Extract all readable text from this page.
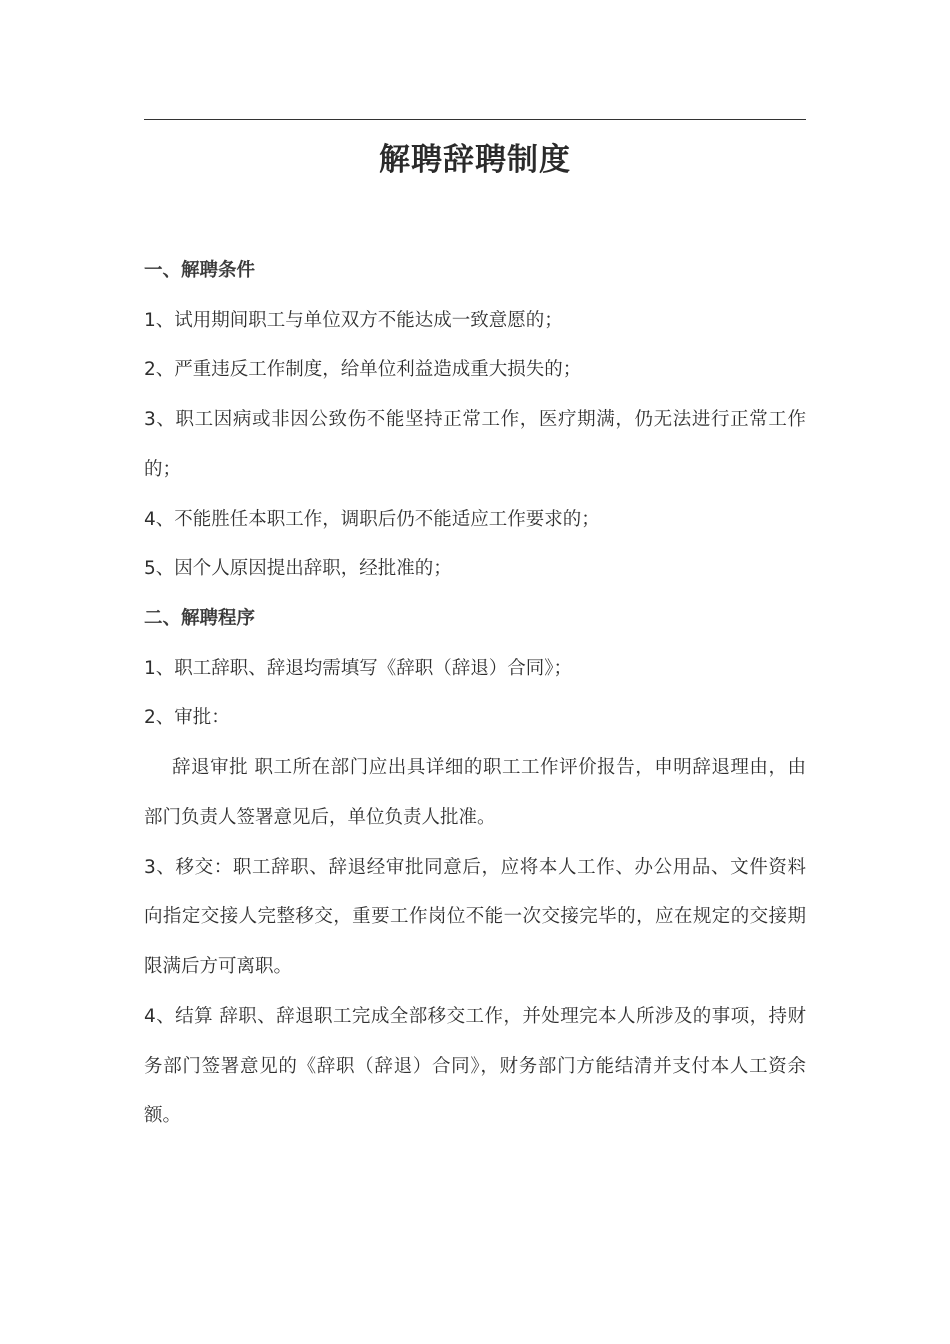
解聘辞聘制度
一、解聘条件
1、试用期间职工与单位双方不能达成一致意愿的；
2、严重违反工作制度，给单位利益造成重大损失的；
3、职工因病或非因公致伤不能坚持正常工作，医疗期满，仍无法进行正常工作
的；
4、不能胜任本职工作，调职后仍不能适应工作要求的；
5、因个人原因提出辞职，经批准的；
二、解聘程序
1、职工辞职、辞退均需填写《辞职（辞退）合同》；
2、审批：
辞退审批 职工所在部门应出具详细的职工工作评价报告，申明辞退理由，由
部门负责人签署意见后，单位负责人批准。
3、移交：职工辞职、辞退经审批同意后，应将本人工作、办公用品、文件资料
向指定交接人完整移交，重要工作岗位不能一次交接完毕的，应在规定的交接期
限满后方可离职。
4、结算 辞职、辞退职工完成全部移交工作，并处理完本人所涉及的事项，持财
务部门签署意见的《辞职（辞退）合同》，财务部门方能结清并支付本人工资余
额。
